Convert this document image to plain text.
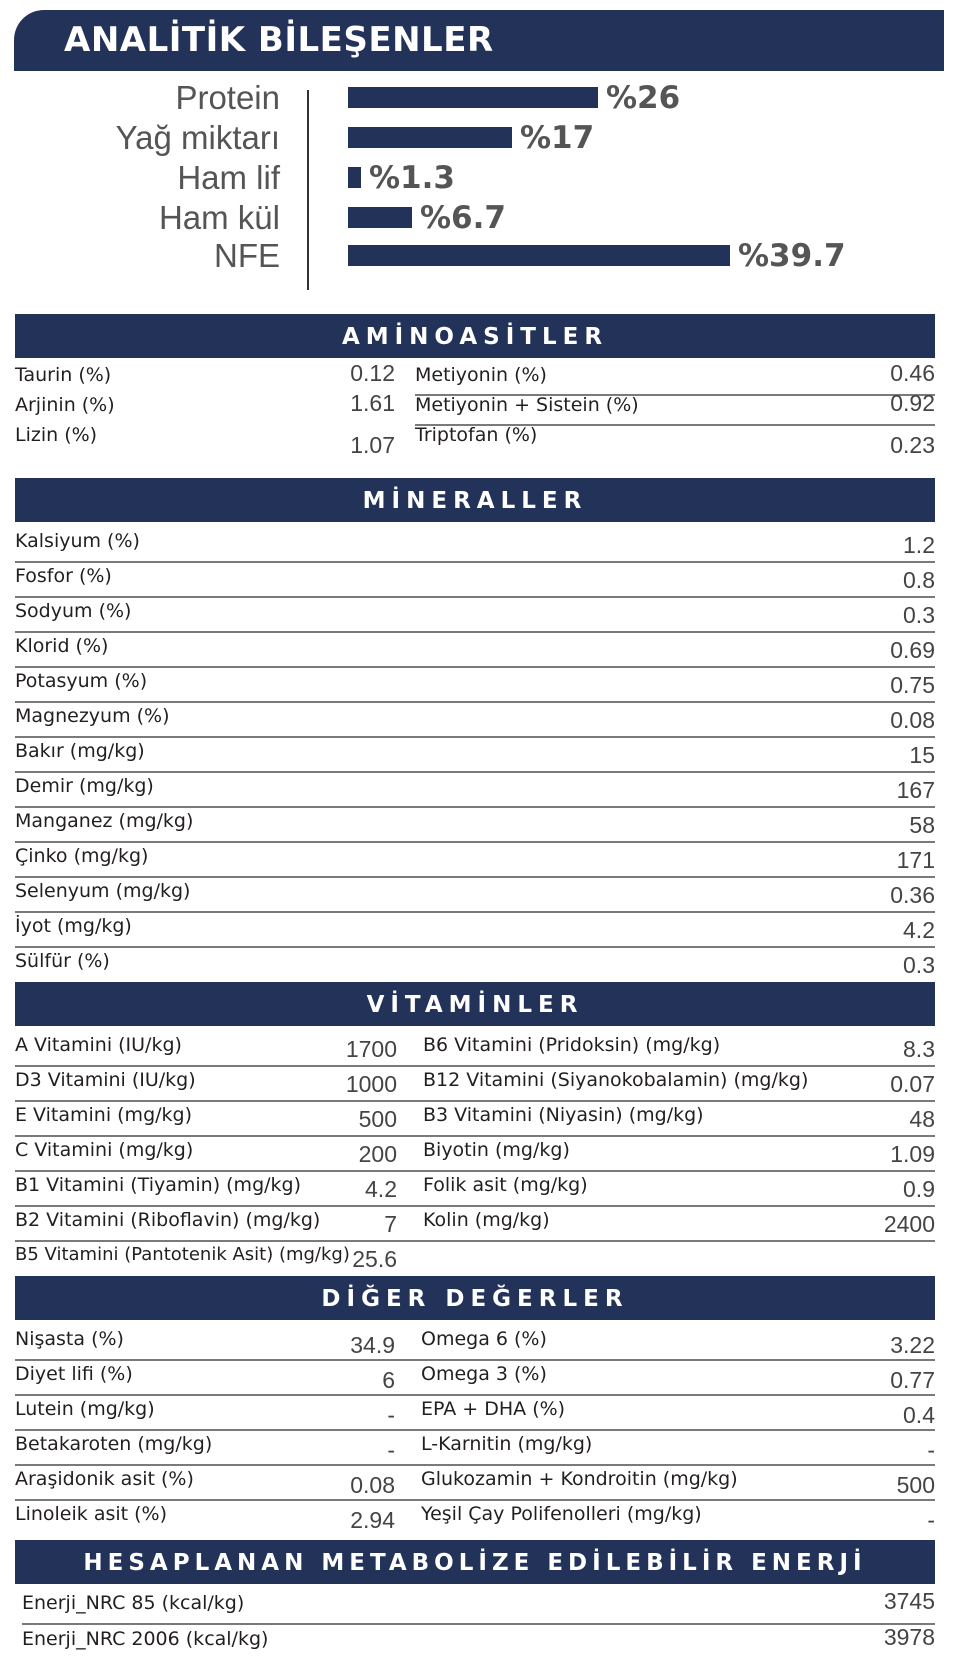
ANALİTİK BİLEŞENLER
Protein	%26
Yağ miktarı	%17
Ham lif	%1.3
Ham kül	%6.7
NFE	%39.7
AMİNOASİTLER
Taurin (%)	0.12 Metiyonin (%)	0.46
Arjinin (%)	1.61 Metiyonin + Sistein (%)	0.92
Lizin (%)	1.07 Triptofan (%)	0.23
MİNERALLER
Kalsiyum (%)	1.2
Fosfor (%)	0.8
Sodyum (%)	0.3
Klorid (%)	0.69
Potasyum (%)	0.75
Magnezyum (%)	0.08
Bakır (mg/kg)	15
Demir (mg/kg)	167
Manganez (mg/kg)	58
Çinko (mg/kg)	171
Selenyum (mg/kg)	0.36
İyot (mg/kg)	4.2
Sülfür (%)	0.3
VİTAMİNLER
A Vitamini (IU/kg)	1700 B6 Vitamini (Pridoksin) (mg/kg)	8.3
D3 Vitamini (IU/kg)	1000 B12 Vitamini (Siyanokobalamin) (mg/kg)	0.07
E Vitamini (mg/kg)	500 B3 Vitamini (Niyasin) (mg/kg)	48
C Vitamini (mg/kg)	200 Biyotin (mg/kg)	1.09
B1 Vitamini (Tiyamin) (mg/kg)	4.2 Folik asit (mg/kg)	0.9
B2 Vitamini (Riboflavin) (mg/kg)	7 Kolin (mg/kg)	2400
B5 Vitamini (Pantotenik Asit) (mg/kg) 25.6
DİĞER DEĞERLER
Nişasta (%)	34.9 Omega 6 (%)	3.22
Diyet lifi (%)	6 Omega 3 (%)	0.77
Lutein (mg/kg)	- EPA + DHA (%)	0.4
Betakaroten (mg/kg)	- L-Karnitin (mg/kg)	-
Araşidonik asit (%)	0.08 Glukozamin + Kondroitin (mg/kg)	500
Linoleik asit (%)	2.94 Yeşil Çay Polifenolleri (mg/kg)	-
HESAPLANAN METABOLİZE EDİLEBİLİR ENERJİ
Enerji_NRC 85 (kcal/kg)	3745
Enerji_NRC 2006 (kcal/kg)	3978
